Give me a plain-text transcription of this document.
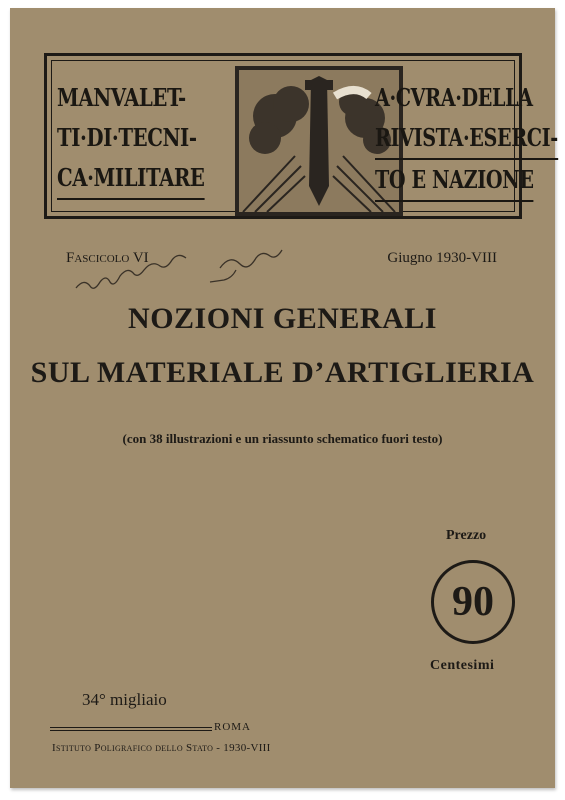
MANVALET-
TI·DI·TECNI-
CA·MILITARE
A·CVRA·DELLA
RIVISTA·ESERCI- TO E NAZIONE
Fascicolo VI	Giugno 1930-VIII
NOZIONI GENERALI
SUL MATERIALE D’ARTIGLIERIA
(con 38 illustrazioni e un riassunto schematico fuori testo)
Prezzo
90
Centesimi
34° migliaio
ROMA
Istituto Poligrafico dello Stato - 1930-VIII
